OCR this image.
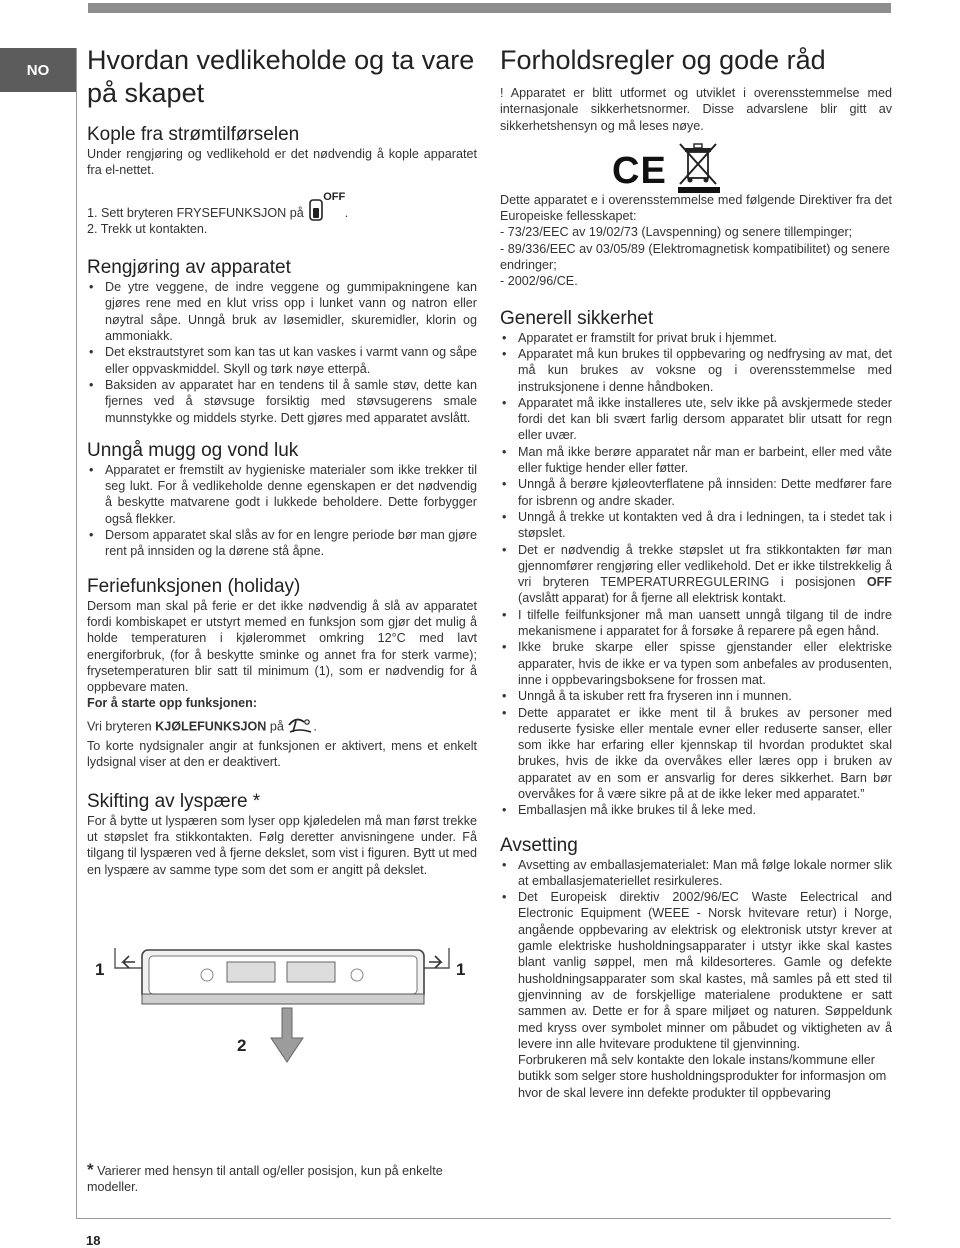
NO
18
Hvordan vedlikeholde og ta vare på skapet
Kople fra strømtilførselen

Under rengjøring og vedlikehold er det nødvendig å kople apparatet fra el-nettet.

1. Sett bryteren FRYSEFUNKSJON på
OFF
.

2. Trekk ut kontakten.

Rengjøring av apparatet
• De ytre veggene, de indre veggene og gummipakningene kan gjøres rene med en klut vriss opp i lunket vann og natron eller nøytral såpe. Unngå bruk av løsemidler, skuremidler, klorin og ammoniakk.
• Det ekstrautstyret som kan tas ut kan vaskes i varmt vann og såpe eller oppvaskmiddel. Skyll og tørk nøye etterpå.
• Baksiden av apparatet har en tendens til å samle støv, dette kan fjernes ved å støvsuge forsiktig med støvsugerens smale munnstykke og middels styrke. Dett gjøres med apparatet avslått.
Unngå mugg og vond luk
• Apparatet er fremstilt av hygieniske materialer som ikke trekker til seg lukt. For å vedlikeholde denne egenskapen er det nødvendig å beskytte matvarene godt i lukkede beholdere. Dette forbygger også flekker.
• Dersom apparatet skal slås av for en lengre periode bør man gjøre rent på innsiden og la dørene stå åpne.
Feriefunksjonen (holiday)

Dersom man skal på ferie er det ikke nødvendig å slå av apparatet fordi kombiskapet er utstyrt memed en funksjon som gjør det mulig å holde temperaturen i kjølerommet omkring 12°C med lavt energiforbruk, (for å beskytte sminke og annet fra for sterk varme); frysetemperaturen blir satt til minimum (1), som er nødvendig for å oppbevare maten.

For å starte opp funksjonen:

Vri bryteren KJØLEFUNKSJON på .

To korte nydsignaler angir at funksjonen er aktivert, mens et enkelt lydsignal viser at den er deaktivert.

Skifting av lyspære *

For å bytte ut lyspæren som lyser opp kjøledelen må man først trekke ut støpslet fra stikkontakten. Følg deretter anvisningene under. Få tilgang til lyspæren ved å fjerne dekslet, som vist i figuren. Bytt ut med en lyspære av samme type som det som er angitt på dekslet.

1	1
2
* Varierer med hensyn til antall og/eller posisjon, kun på enkelte modeller.
Forholdsregler og gode råd

! Apparatet er blitt utformet og utviklet i overensstemmelse med internasjonale sikkerhetsnormer. Disse advarslene blir gitt av sikkerhetshensyn og må leses nøye.

Dette apparatet e i overensstemmelse med følgende Direktiver fra det Europeiske fellesskapet:

- 73/23/EEC av 19/02/73 (Lavspenning) og senere tillempinger;

- 89/336/EEC av 03/05/89 (Elektromagnetisk kompatibilitet) og senere endringer;

- 2002/96/CE.

Generell sikkerhet
• Apparatet er framstilt for privat bruk i hjemmet.
• Apparatet må kun brukes til oppbevaring og nedfrysing av mat, det må kun brukes av voksne og i overensstemmelse med instruksjonene i denne håndboken.
• Apparatet må ikke installeres ute, selv ikke på avskjermede steder fordi det kan bli svært farlig dersom apparatet blir utsatt for regn eller uvær.
• Man må ikke berøre apparatet når man er barbeint, eller med våte eller fuktige hender eller føtter.
• Unngå å berøre kjøleovterflatene på innsiden: Dette medfører fare for isbrenn og andre skader.
• Unngå å trekke ut kontakten ved å dra i ledningen, ta i stedet tak i støpslet.
• Det er nødvendig å trekke støpslet ut fra stikkontakten før man gjennomfører rengjøring eller vedlikehold. Det er ikke tilstrekkelig å vri bryteren TEMPERATURREGULERING i posisjonen OFF (avslått apparat) for å fjerne all elektrisk kontakt.
• I tilfelle feilfunksjoner må man uansett unngå tilgang til de indre mekanismene i apparatet for å forsøke å reparere på egen hånd.
• Ikke bruke skarpe eller spisse gjenstander eller elektriske apparater, hvis de ikke er va typen som anbefales av produsenten, inne i oppbevaringsboksene for frossen mat.
• Unngå å ta iskuber rett fra fryseren inn i munnen.
• Dette apparatet er ikke ment til å brukes av personer med reduserte fysiske eller mentale evner eller reduserte sanser, eller som ikke har erfaring eller kjennskap til hvordan produktet skal brukes, hvis de ikke da overvåkes eller læres opp i bruken av apparatet av en som er ansvarlig for deres sikkerhet. Barn bør overvåkes for å være sikre på at de ikke leker med apparatet.”
• Emballasjen må ikke brukes til å leke med.
Avsetting
• Avsetting av emballasjematerialet: Man må følge lokale normer slik at emballasjemateriellet resirkuleres.
• Det Europeisk direktiv 2002/96/EC Waste Eelectrical and Electronic Equipment (WEEE - Norsk hvitevare retur) i Norge, angående oppbevaring av elektrisk og elektronisk utstyr krever at gamle elektriske husholdningsapparater i utstyr ikke skal kastes blant vanlig søppel, men må kildesorteres. Gamle og defekte husholdningsapparater som skal kastes, må samles på ett sted til gjenvinning av de forskjellige materialene produktene er satt sammen av. Dette er for å spare miljøet og naturen. Søppeldunk med kryss over symbolet minner om påbudet og viktigheten av å levere inn alle hvitevare produktene til gjenvinning.

Forbrukeren må selv kontakte den lokale instans/kommune eller butikk som selger store husholdningsprodukter for informasjon om hvor de skal levere inn defekte produkter til oppbevaring

CE
